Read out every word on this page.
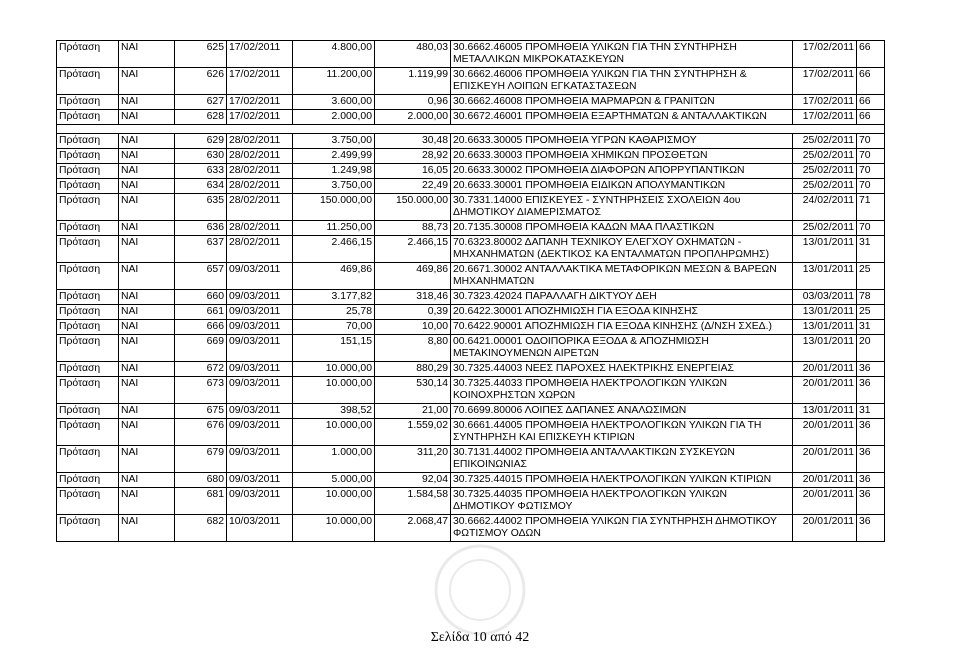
Πρόταση	ΝΑΙ	625	17/02/2011	4.800,00	480,03	30.6662.46005 ΠΡΟΜΗΘΕΙΑ ΥΛΙΚΩΝ ΓΙΑ ΤΗΝ ΣΥΝΤΗΡΗΣΗ ΜΕΤΑΛΛΙΚΩΝ ΜΙΚΡΟΚΑΤΑΣΚΕΥΩΝ	17/02/2011	66
Πρόταση	ΝΑΙ	626	17/02/2011	11.200,00	1.119,99	30.6662.46006 ΠΡΟΜΗΘΕΙΑ ΥΛΙΚΩΝ ΓΙΑ ΤΗΝ ΣΥΝΤΗΡΗΣΗ & ΕΠΙΣΚΕΥΗ ΛΟΙΠΩΝ ΕΓΚΑΤΑΣΤΑΣΕΩΝ	17/02/2011	66
Πρόταση	ΝΑΙ	627	17/02/2011	3.600,00	0,96	30.6662.46008 ΠΡΟΜΗΘΕΙΑ ΜΑΡΜΑΡΩΝ & ΓΡΑΝΙΤΩΝ	17/02/2011	66
Πρόταση	ΝΑΙ	628	17/02/2011	2.000,00	2.000,00	30.6672.46001 ΠΡΟΜΗΘΕΙΑ ΕΞΑΡΤΗΜΑΤΩΝ & ΑΝΤΑΛΛΑΚΤΙΚΩΝ	17/02/2011	66

Πρόταση	ΝΑΙ	629	28/02/2011	3.750,00	30,48	20.6633.30005 ΠΡΟΜΗΘΕΙΑ ΥΓΡΩΝ ΚΑΘΑΡΙΣΜΟΥ	25/02/2011	70
Πρόταση	ΝΑΙ	630	28/02/2011	2.499,99	28,92	20.6633.30003 ΠΡΟΜΗΘΕΙΑ ΧΗΜΙΚΩΝ ΠΡΟΣΘΕΤΩΝ	25/02/2011	70
Πρόταση	ΝΑΙ	633	28/02/2011	1.249,98	16,05	20.6633.30002 ΠΡΟΜΗΘΕΙΑ ΔΙΑΦΟΡΩΝ ΑΠΟΡΡΥΠΑΝΤΙΚΩΝ	25/02/2011	70
Πρόταση	ΝΑΙ	634	28/02/2011	3.750,00	22,49	20.6633.30001 ΠΡΟΜΗΘΕΙΑ ΕΙΔΙΚΩΝ ΑΠΟΛΥΜΑΝΤΙΚΩΝ	25/02/2011	70
Πρόταση	ΝΑΙ	635	28/02/2011	150.000,00	150.000,00	30.7331.14000 ΕΠΙΣΚΕΥΕΣ - ΣΥΝΤΗΡΗΣΕΙΣ ΣΧΟΛΕΙΩΝ 4ου ΔΗΜΟΤΙΚΟΥ ΔΙΑΜΕΡΙΣΜΑΤΟΣ	24/02/2011	71
Πρόταση	ΝΑΙ	636	28/02/2011	11.250,00	88,73	20.7135.30008 ΠΡΟΜΗΘΕΙΑ ΚΑΔΩΝ ΜΑΑ ΠΛΑΣΤΙΚΩΝ	25/02/2011	70
Πρόταση	ΝΑΙ	637	28/02/2011	2.466,15	2.466,15	70.6323.80002 ΔΑΠΑΝΗ ΤΕΧΝΙΚΟΥ ΕΛΕΓΧΟΥ ΟΧΗΜΑΤΩΝ - ΜΗΧΑΝΗΜΑΤΩΝ (ΔΕΚΤΙΚΟΣ ΚΑ ΕΝΤΑΛΜΑΤΩΝ ΠΡΟΠΛΗΡΩΜΗΣ)	13/01/2011	31
Πρόταση	ΝΑΙ	657	09/03/2011	469,86	469,86	20.6671.30002 ΑΝΤΑΛΛΑΚΤΙΚΑ ΜΕΤΑΦΟΡΙΚΩΝ ΜΕΣΩΝ & ΒΑΡΕΩΝ ΜΗΧΑΝΗΜΑΤΩΝ	13/01/2011	25
Πρόταση	ΝΑΙ	660	09/03/2011	3.177,82	318,46	30.7323.42024 ΠΑΡΑΛΛΑΓΗ ΔΙΚΤΥΟΥ ΔΕΗ	03/03/2011	78
Πρόταση	ΝΑΙ	661	09/03/2011	25,78	0,39	20.6422.30001 ΑΠΟΖΗΜΙΩΣΗ ΓΙΑ ΕΞΟΔΑ ΚΙΝΗΣΗΣ	13/01/2011	25
Πρόταση	ΝΑΙ	666	09/03/2011	70,00	10,00	70.6422.90001 ΑΠΟΖΗΜΙΩΣΗ ΓΙΑ ΕΞΟΔΑ ΚΙΝΗΣΗΣ (Δ/ΝΣΗ ΣΧΕΔ.)	13/01/2011	31
Πρόταση	ΝΑΙ	669	09/03/2011	151,15	8,80	00.6421.00001 ΟΔΟΙΠΟΡΙΚΑ ΕΞΟΔΑ & ΑΠΟΖΗΜΙΩΣΗ ΜΕΤΑΚΙΝΟΥΜΕΝΩΝ ΑΙΡΕΤΩΝ	13/01/2011	20
Πρόταση	ΝΑΙ	672	09/03/2011	10.000,00	880,29	30.7325.44003 ΝΕΕΣ ΠΑΡΟΧΕΣ ΗΛΕΚΤΡΙΚΗΣ ΕΝΕΡΓΕΙΑΣ	20/01/2011	36
Πρόταση	ΝΑΙ	673	09/03/2011	10.000,00	530,14	30.7325.44033 ΠΡΟΜΗΘΕΙΑ ΗΛΕΚΤΡΟΛΟΓΙΚΩΝ ΥΛΙΚΩΝ ΚΟΙΝΟΧΡΗΣΤΩΝ ΧΩΡΩΝ	20/01/2011	36
Πρόταση	ΝΑΙ	675	09/03/2011	398,52	21,00	70.6699.80006 ΛΟΙΠΕΣ ΔΑΠΑΝΕΣ ΑΝΑΛΩΣΙΜΩΝ	13/01/2011	31
Πρόταση	ΝΑΙ	676	09/03/2011	10.000,00	1.559,02	30.6661.44005 ΠΡΟΜΗΘΕΙΑ ΗΛΕΚΤΡΟΛΟΓΙΚΩΝ ΥΛΙΚΩΝ ΓΙΑ ΤΗ ΣΥΝΤΗΡΗΣΗ ΚΑΙ ΕΠΙΣΚΕΥΗ ΚΤΙΡΙΩΝ	20/01/2011	36
Πρόταση	ΝΑΙ	679	09/03/2011	1.000,00	311,20	30.7131.44002 ΠΡΟΜΗΘΕΙΑ ΑΝΤΑΛΛΑΚΤΙΚΩΝ ΣΥΣΚΕΥΩΝ ΕΠΙΚΟΙΝΩΝΙΑΣ	20/01/2011	36
Πρόταση	ΝΑΙ	680	09/03/2011	5.000,00	92,04	30.7325.44015 ΠΡΟΜΗΘΕΙΑ ΗΛΕΚΤΡΟΛΟΓΙΚΩΝ ΥΛΙΚΩΝ ΚΤΙΡΙΩΝ	20/01/2011	36
Πρόταση	ΝΑΙ	681	09/03/2011	10.000,00	1.584,58	30.7325.44035 ΠΡΟΜΗΘΕΙΑ ΗΛΕΚΤΡΟΛΟΓΙΚΩΝ ΥΛΙΚΩΝ ΔΗΜΟΤΙΚΟΥ ΦΩΤΙΣΜΟΥ	20/01/2011	36
Πρόταση	ΝΑΙ	682	10/03/2011	10.000,00	2.068,47	30.6662.44002 ΠΡΟΜΗΘΕΙΑ ΥΛΙΚΩΝ ΓΙΑ ΣΥΝΤΗΡΗΣΗ ΔΗΜΟΤΙΚΟΥ ΦΩΤΙΣΜΟΥ ΟΔΩΝ	20/01/2011	36
Σελίδα 10 από 42
